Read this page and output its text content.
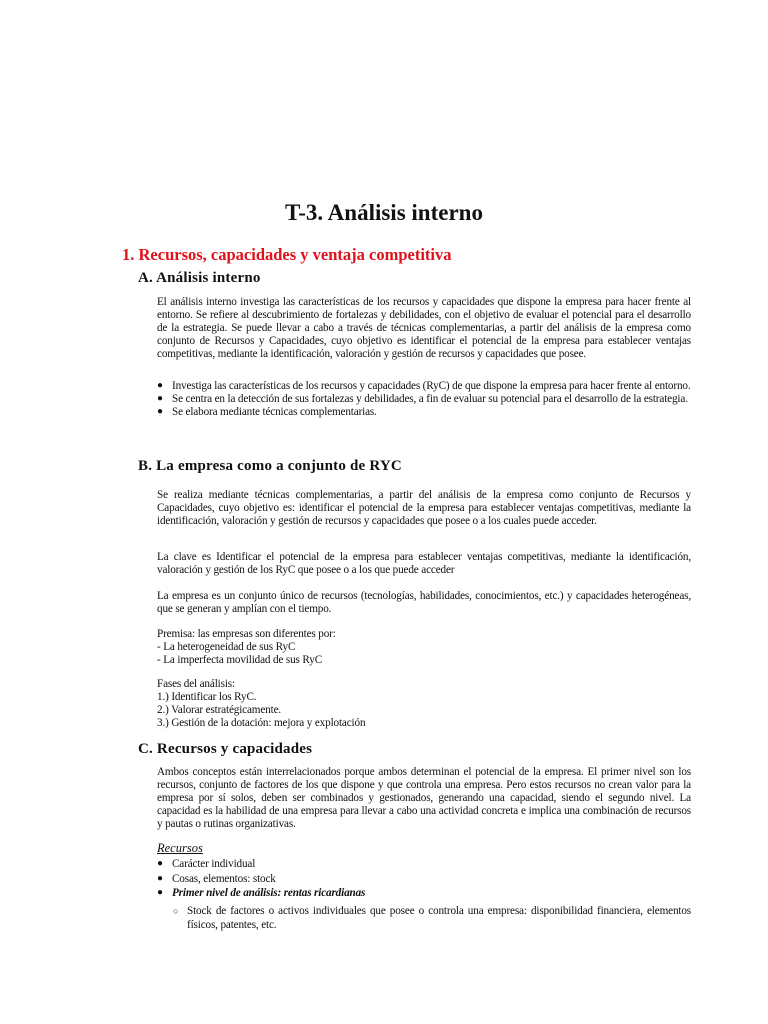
T-3. Análisis interno
1. Recursos, capacidades y ventaja competitiva
A. Análisis interno

El análisis interno investiga las características de los recursos y capacidades que dispone la empresa para hacer frente al entorno. Se refiere al descubrimiento de fortalezas y debilidades, con el objetivo de evaluar el potencial para el desarrollo de la estrategia. Se puede llevar a cabo a través de técnicas complementarias, a partir del análisis de la empresa como conjunto de Recursos y Capacidades, cuyo objetivo es identificar el potencial de la empresa para establecer ventajas competitivas, mediante la identificación, valoración y gestión de recursos y capacidades que posee.

● Investiga las características de los recursos y capacidades (RyC) de que dispone la empresa para hacer frente al entorno.
● Se centra en la detección de sus fortalezas y debilidades, a fin de evaluar su potencial para el desarrollo de la estrategia.
● Se elabora mediante técnicas complementarias.
B. La empresa como a conjunto de RYC

Se realiza mediante técnicas complementarias, a partir del análisis de la empresa como conjunto de Recursos y Capacidades, cuyo objetivo es: identificar el potencial de la empresa para establecer ventajas competitivas, mediante la identificación, valoración y gestión de recursos y capacidades que posee o a los cuales puede acceder.

La clave es Identificar el potencial de la empresa para establecer ventajas competitivas, mediante la identificación, valoración y gestión de los RyC que posee o a los que puede acceder

La empresa es un conjunto único de recursos (tecnologías, habilidades, conocimientos, etc.) y capacidades heterogéneas, que se generan y amplían con el tiempo.

Premisa: las empresas son diferentes por:
- La heterogeneidad de sus RyC
- La imperfecta movilidad de sus RyC
Fases del análisis:
1.) Identificar los RyC.
2.) Valorar estratégicamente.
3.) Gestión de la dotación: mejora y explotación
C. Recursos y capacidades

Ambos conceptos están interrelacionados porque ambos determinan el potencial de la empresa. El primer nivel son los recursos, conjunto de factores de los que dispone y que controla una empresa. Pero estos recursos no crean valor para la empresa por sí solos, deben ser combinados y gestionados, generando una capacidad, siendo el segundo nivel. La capacidad es la habilidad de una empresa para llevar a cabo una actividad concreta e implica una combinación de recursos y pautas o rutinas organizativas.

Recursos
● Carácter individual
● Cosas, elementos: stock
● Primer nivel de análisis: rentas ricardianas
○ Stock de factores o activos individuales que posee o controla una empresa: disponibilidad financiera, elementos físicos, patentes, etc.
